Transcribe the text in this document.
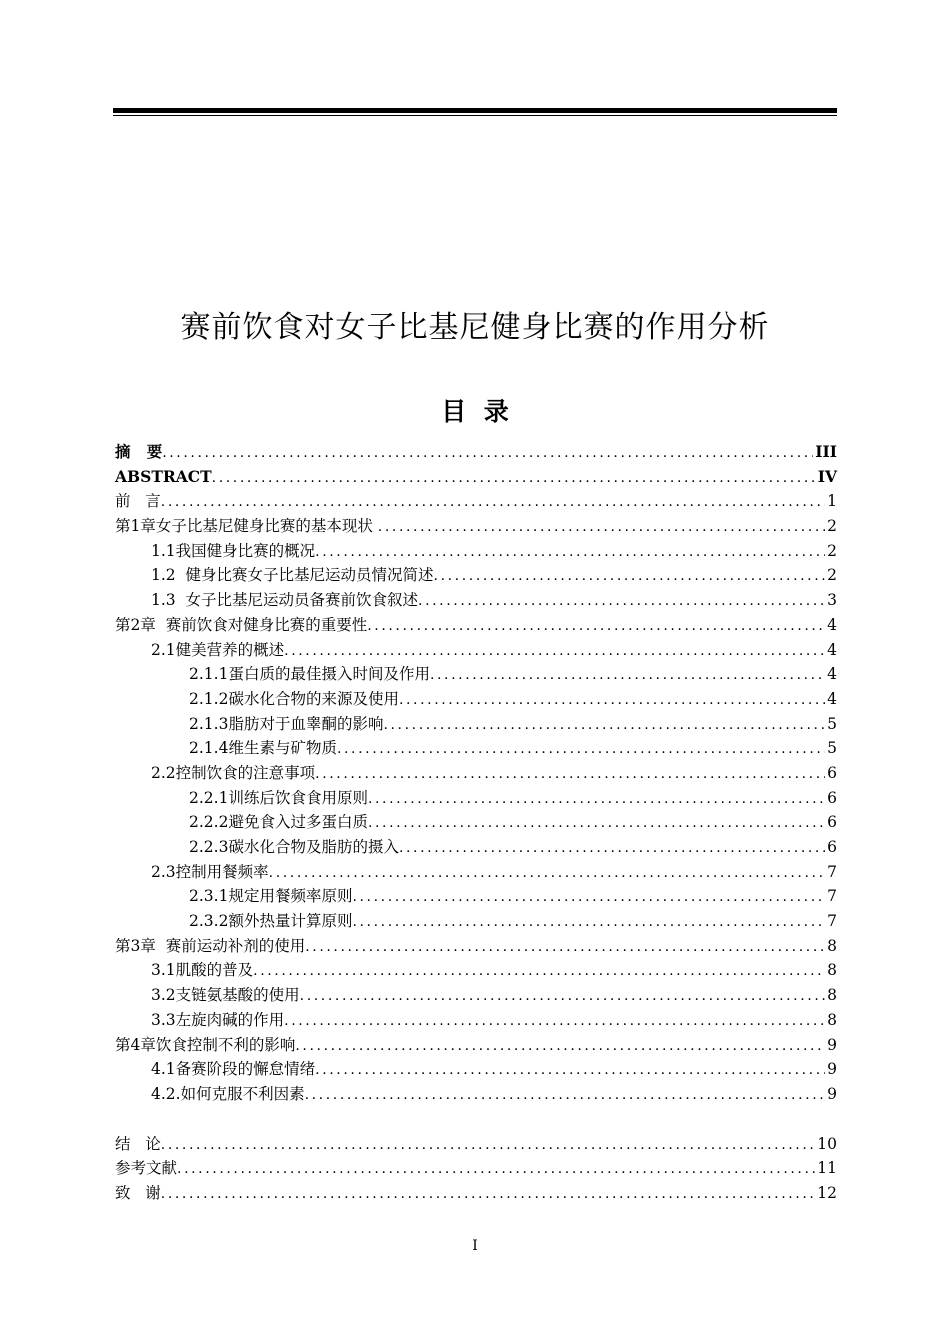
赛前饮食对女子比基尼健身比赛的作用分析
目  录
摘   要 .....	III
ABSTRACT .....	IV
前   言 .....	1
第1章女子比基尼健身比赛的基本现状 .....	2
1.1我国健身比赛的概况 .....	2
1.2  健身比赛女子比基尼运动员情况简述 .....	2
1.3  女子比基尼运动员备赛前饮食叙述 .....	3
第2章  赛前饮食对健身比赛的重要性 .....	4
2.1健美营养的概述 .....	4
2.1.1蛋白质的最佳摄入时间及作用 .....	4
2.1.2碳水化合物的来源及使用 .....	4
2.1.3脂肪对于血睾酮的影响 .....	5
2.1.4维生素与矿物质 .....	5
2.2控制饮食的注意事项 .....	6
2.2.1训练后饮食食用原则 .....	6
2.2.2避免食入过多蛋白质 .....	6
2.2.3碳水化合物及脂肪的摄入 .....	6
2.3控制用餐频率 .....	7
2.3.1规定用餐频率原则 .....	7
2.3.2额外热量计算原则 .....	7
第3章  赛前运动补剂的使用 .....	8
3.1肌酸的普及 .....	8
3.2支链氨基酸的使用 .....	8
3.3左旋肉碱的作用 .....	8
第4章饮食控制不利的影响 .....	9
4.1备赛阶段的懈怠情绪 .....	9
4.2.如何克服不利因素 .....	9
结   论 .....	10
参考文献 .....	11
致   谢 .....	12
I
